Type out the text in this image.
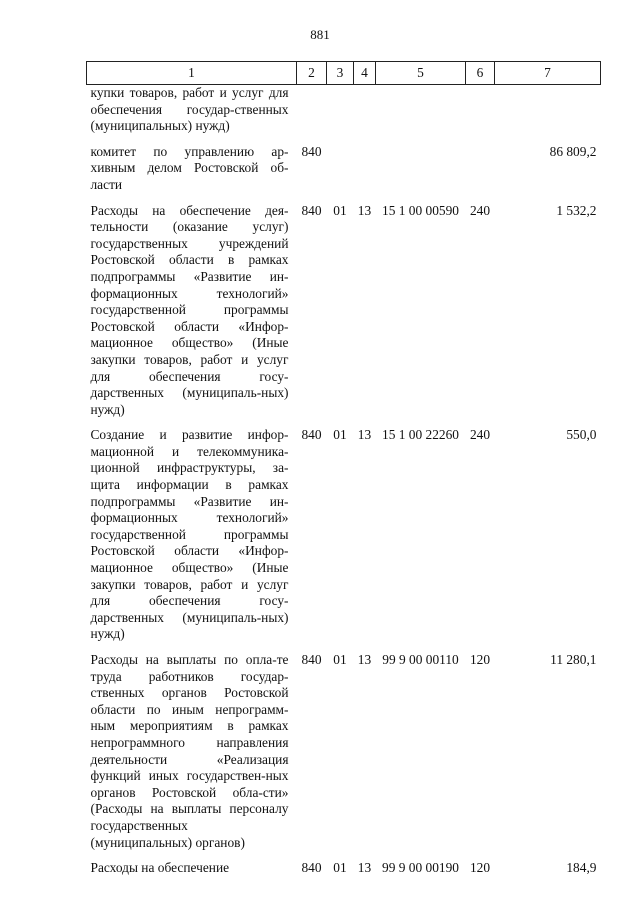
881
1	2	3	4	5	6	7

купки товаров, работ и услуг для обеспечения государ-ственных (муниципальных) нужд)						

комитет по управлению ар-хивным делом Ростовской об-ласти	840					86 809,2

Расходы на обеспечение дея-тельности (оказание услуг) государственных учреждений Ростовской области в рамках подпрограммы «Развитие ин-формационных технологий» государственной программы Ростовской области «Инфор-мационное общество» (Иные закупки товаров, работ и услуг для обеспечения госу-дарственных (муниципаль-ных) нужд)	840	01	13	15 1 00 00590	240	1 532,2

Создание и развитие инфор-мационной и телекоммуника-ционной инфраструктуры, за-щита информации в рамках подпрограммы «Развитие ин-формационных технологий» государственной программы Ростовской области «Инфор-мационное общество» (Иные закупки товаров, работ и услуг для обеспечения госу-дарственных (муниципаль-ных) нужд)	840	01	13	15 1 00 22260	240	550,0

Расходы на выплаты по опла-те труда работников государ-ственных органов Ростовской области по иным непрограмм-ным мероприятиям в рамках непрограммного направления деятельности «Реализация функций иных государствен-ных органов Ростовской обла-сти» (Расходы на выплаты персоналу государственных (муниципальных) органов)	840	01	13	99 9 00 00110	120	11 280,1

Расходы на обеспечение	840	01	13	99 9 00 00190	120	184,9
